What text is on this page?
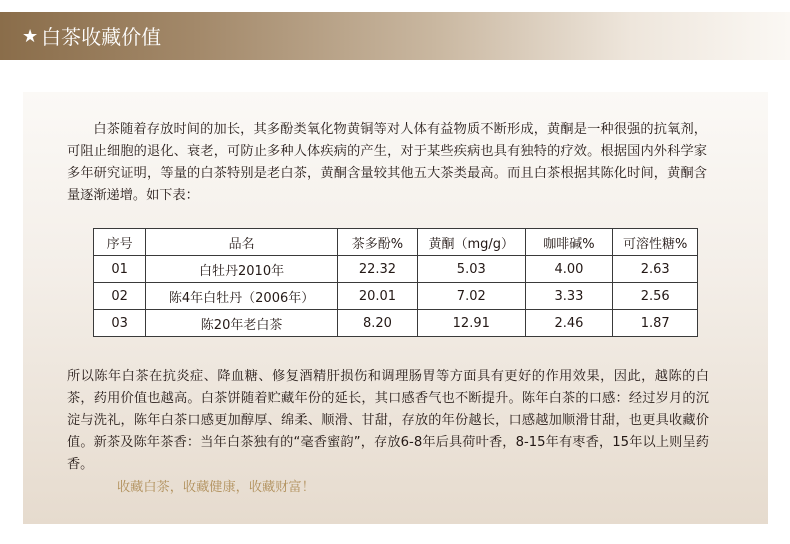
★ 白茶收藏价值

白茶随着存放时间的加长，其多酚类氧化物黄铜等对人体有益物质不断形成，黄酮是一种很强的抗氧剂，可阻止细胞的退化、衰老，可防止多种人体疾病的产生，对于某些疾病也具有独特的疗效。根据国内外科学家多年研究证明，等量的白茶特别是老白茶，黄酮含量较其他五大茶类最高。而且白茶根据其陈化时间，黄酮含量逐渐递增。如下表：

序号	品名	茶多酚%	黄酮（mg/g）	咖啡碱%	可溶性糖%
01	白牡丹2010年	22.32	5.03	4.00	2.63
02	陈4年白牡丹（2006年）	20.01	7.02	3.33	2.56
03	陈20年老白茶	8.20	12.91	2.46	1.87

所以陈年白茶在抗炎症、降血糖、修复酒精肝损伤和调理肠胃等方面具有更好的作用效果，因此，越陈的白茶，药用价值也越高。白茶饼随着贮藏年份的延长，其口感香气也不断提升。陈年白茶的口感：经过岁月的沉淀与洗礼，陈年白茶口感更加醇厚、绵柔、顺滑、甘甜，存放的年份越长，口感越加顺滑甘甜，也更具收藏价值。新茶及陈年茶香：当年白茶独有的“毫香蜜韵”，存放6-8年后具荷叶香，8-15年有枣香，15年以上则呈药香。

收藏白茶，收藏健康，收藏财富！
